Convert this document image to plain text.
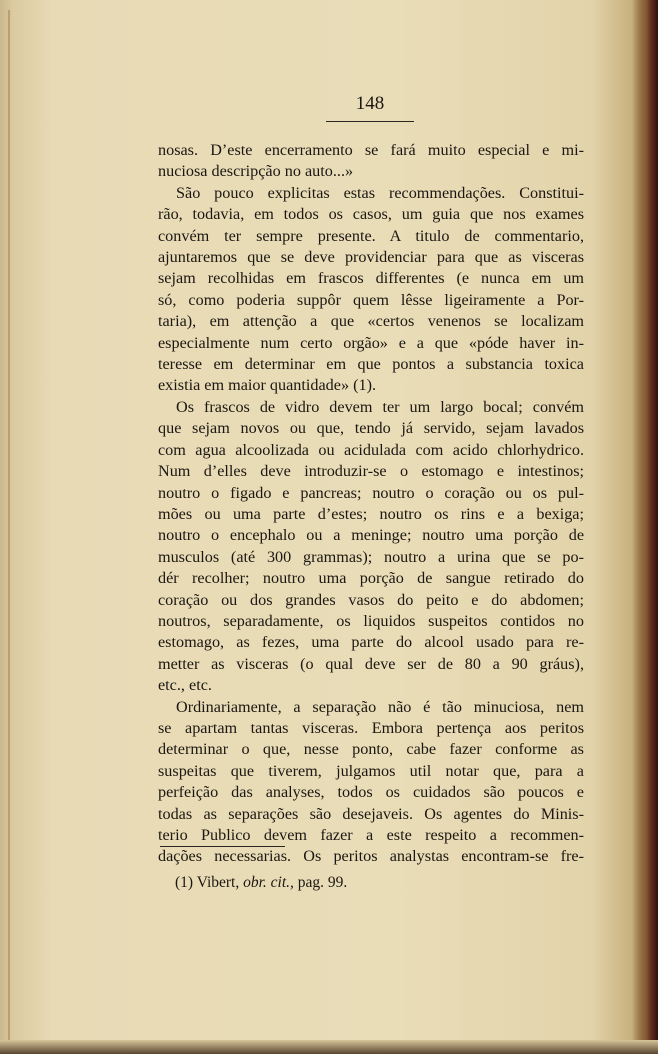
148
nosas. D’este encerramento se fará muito especial e mi-
nuciosa descripção no auto...»
São pouco explicitas estas recommendações. Constitui-
rão, todavia, em todos os casos, um guia que nos exames
convém ter sempre presente. A titulo de commentario,
ajuntaremos que se deve providenciar para que as visceras
sejam recolhidas em frascos differentes (e nunca em um
só, como poderia suppôr quem lêsse ligeiramente a Por-
taria), em attenção a que «certos venenos se localizam
especialmente num certo orgão» e a que «póde haver in-
teresse em determinar em que pontos a substancia toxica
existia em maior quantidade» (1).
Os frascos de vidro devem ter um largo bocal; convém
que sejam novos ou que, tendo já servido, sejam lavados
com agua alcoolizada ou acidulada com acido chlorhydrico.
Num d’elles deve introduzir-se o estomago e intestinos;
noutro o figado e pancreas; noutro o coração ou os pul-
mões ou uma parte d’estes; noutro os rins e a bexiga;
noutro o encephalo ou a meninge; noutro uma porção de
musculos (até 300 grammas); noutro a urina que se po-
dér recolher; noutro uma porção de sangue retirado do
coração ou dos grandes vasos do peito e do abdomen;
noutros, separadamente, os liquidos suspeitos contidos no
estomago, as fezes, uma parte do alcool usado para re-
metter as visceras (o qual deve ser de 80 a 90 gráus),
etc., etc.
Ordinariamente, a separação não é tão minuciosa, nem
se apartam tantas visceras. Embora pertença aos peritos
determinar o que, nesse ponto, cabe fazer conforme as
suspeitas que tiverem, julgamos util notar que, para a
perfeição das analyses, todos os cuidados são poucos e
todas as separações são desejaveis. Os agentes do Minis-
terio Publico devem fazer a este respeito a recommen-
dações necessarias. Os peritos analystas encontram-se fre-
(1) Vibert, obr. cit., pag. 99.
